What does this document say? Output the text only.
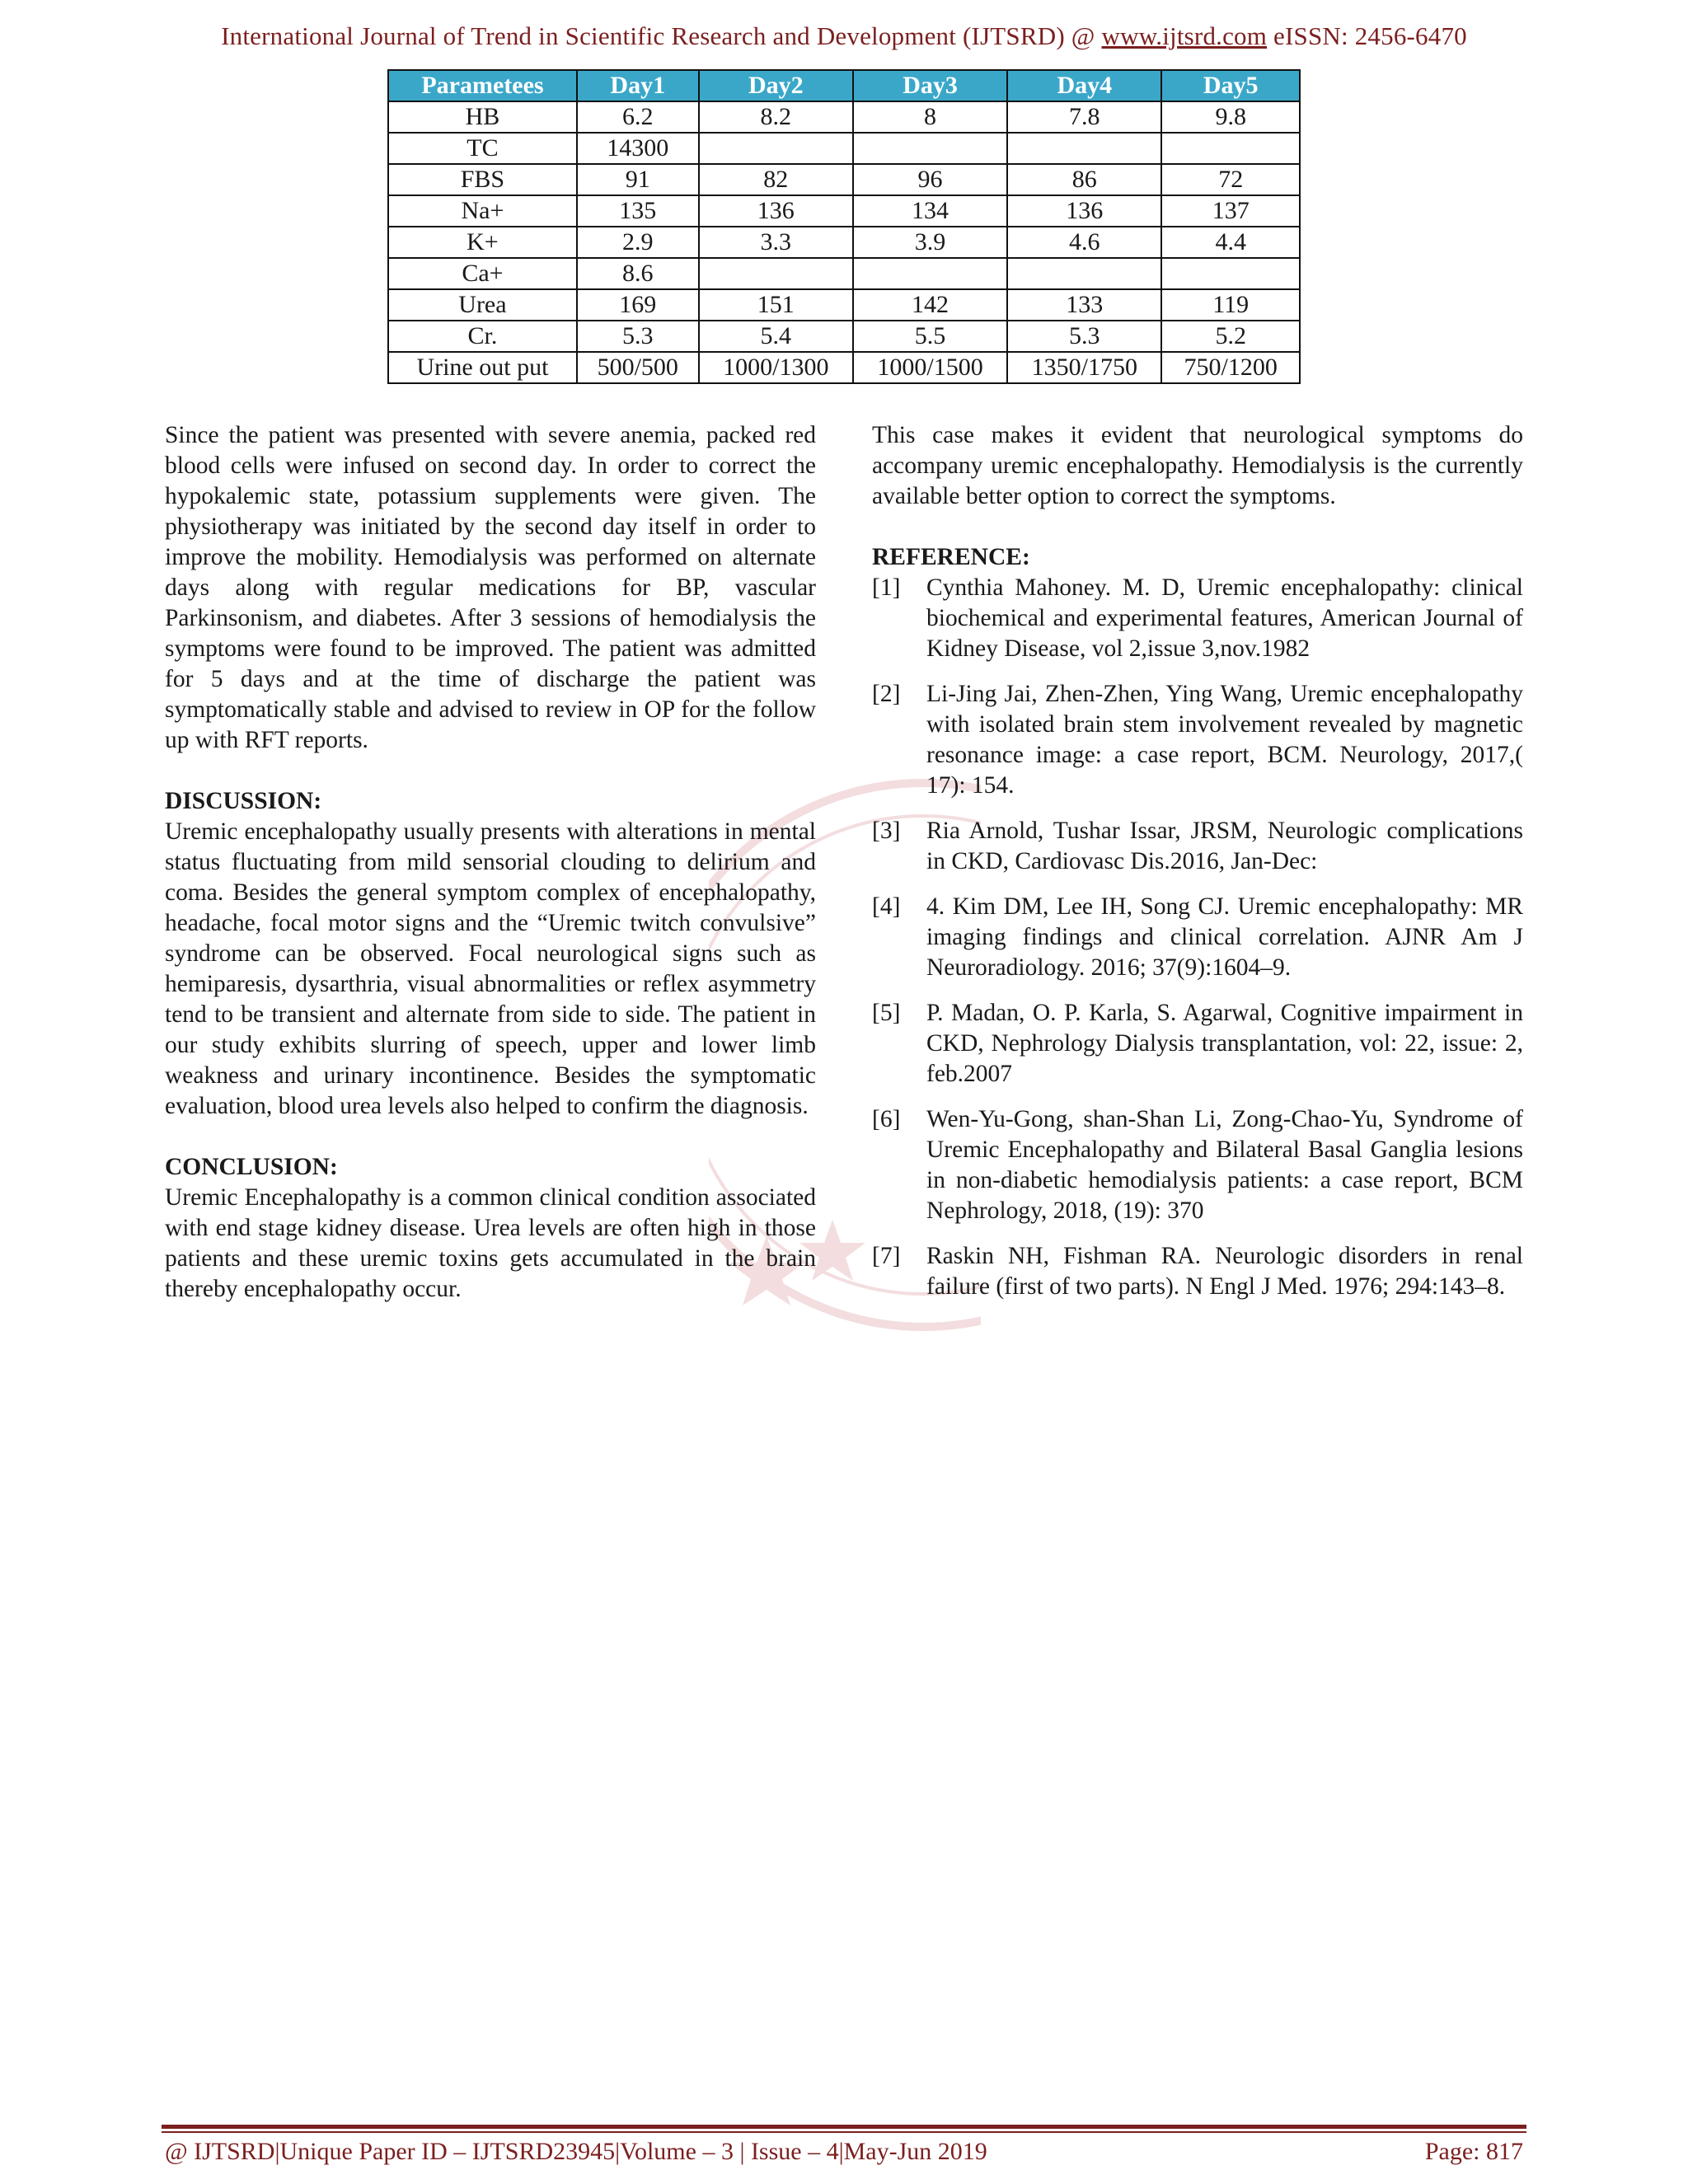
International Journal of Trend in Scientific Research and Development (IJTSRD) @ www.ijtsrd.com eISSN: 2456-6470
Parametees	Day1	Day2	Day3	Day4	Day5
HB	6.2	8.2	8	7.8	9.8
TC	14300				
FBS	91	82	96	86	72
Na+	135	136	134	136	137
K+	2.9	3.3	3.9	4.6	4.4
Ca+	8.6				
Urea	169	151	142	133	119
Cr.	5.3	5.4	5.5	5.3	5.2
Urine out put	500/500	1000/1300	1000/1500	1350/1750	750/1200

Since the patient was presented with severe anemia, packed red blood cells were infused on second day. In order to correct the hypokalemic state, potassium supplements were given. The physiotherapy was initiated by the second day itself in order to improve the mobility. Hemodialysis was performed on alternate days along with regular medications for BP, vascular Parkinsonism, and diabetes. After 3 sessions of hemodialysis the symptoms were found to be improved. The patient was admitted for 5 days and at the time of discharge the patient was symptomatically stable and advised to review in OP for the follow up with RFT reports.

DISCUSSION:

Uremic encephalopathy usually presents with alterations in mental status fluctuating from mild sensorial clouding to delirium and coma. Besides the general symptom complex of encephalopathy, headache, focal motor signs and the “Uremic twitch convulsive” syndrome can be observed. Focal neurological signs such as hemiparesis, dysarthria, visual abnormalities or reflex asymmetry tend to be transient and alternate from side to side. The patient in our study exhibits slurring of speech, upper and lower limb weakness and urinary incontinence. Besides the symptomatic evaluation, blood urea levels also helped to confirm the diagnosis.

CONCLUSION:

Uremic Encephalopathy is a common clinical condition associated with end stage kidney disease. Urea levels are often high in those patients and these uremic toxins gets accumulated in the brain thereby encephalopathy occur.

This case makes it evident that neurological symptoms do accompany uremic encephalopathy. Hemodialysis is the currently available better option to correct the symptoms.

REFERENCE:
[1]	Cynthia Mahoney. M. D, Uremic encephalopathy: clinical biochemical and experimental features, American Journal of Kidney Disease, vol 2,issue 3,nov.1982
[2]	Li-Jing Jai, Zhen-Zhen, Ying Wang, Uremic encephalopathy with isolated brain stem involvement revealed by magnetic resonance image: a case report, BCM. Neurology, 2017,( 17): 154.
[3]	Ria Arnold, Tushar Issar, JRSM, Neurologic complications in CKD, Cardiovasc Dis.2016, Jan-Dec:
[4]	4. Kim DM, Lee IH, Song CJ. Uremic encephalopathy: MR imaging findings and clinical correlation. AJNR Am J Neuroradiology. 2016; 37(9):1604–9.
[5]	P. Madan, O. P. Karla, S. Agarwal, Cognitive impairment in CKD, Nephrology Dialysis transplantation, vol: 22, issue: 2, feb.2007
[6]	Wen-Yu-Gong, shan-Shan Li, Zong-Chao-Yu, Syndrome of Uremic Encephalopathy and Bilateral Basal Ganglia lesions in non-diabetic hemodialysis patients: a case report, BCM Nephrology, 2018, (19): 370
[7]	Raskin NH, Fishman RA. Neurologic disorders in renal failure (first of two parts). N Engl J Med. 1976; 294:143–8.
@ IJTSRD | Unique Paper ID – IJTSRD23945 | Volume – 3 | Issue – 4 | May-Jun 2019	Page: 817
